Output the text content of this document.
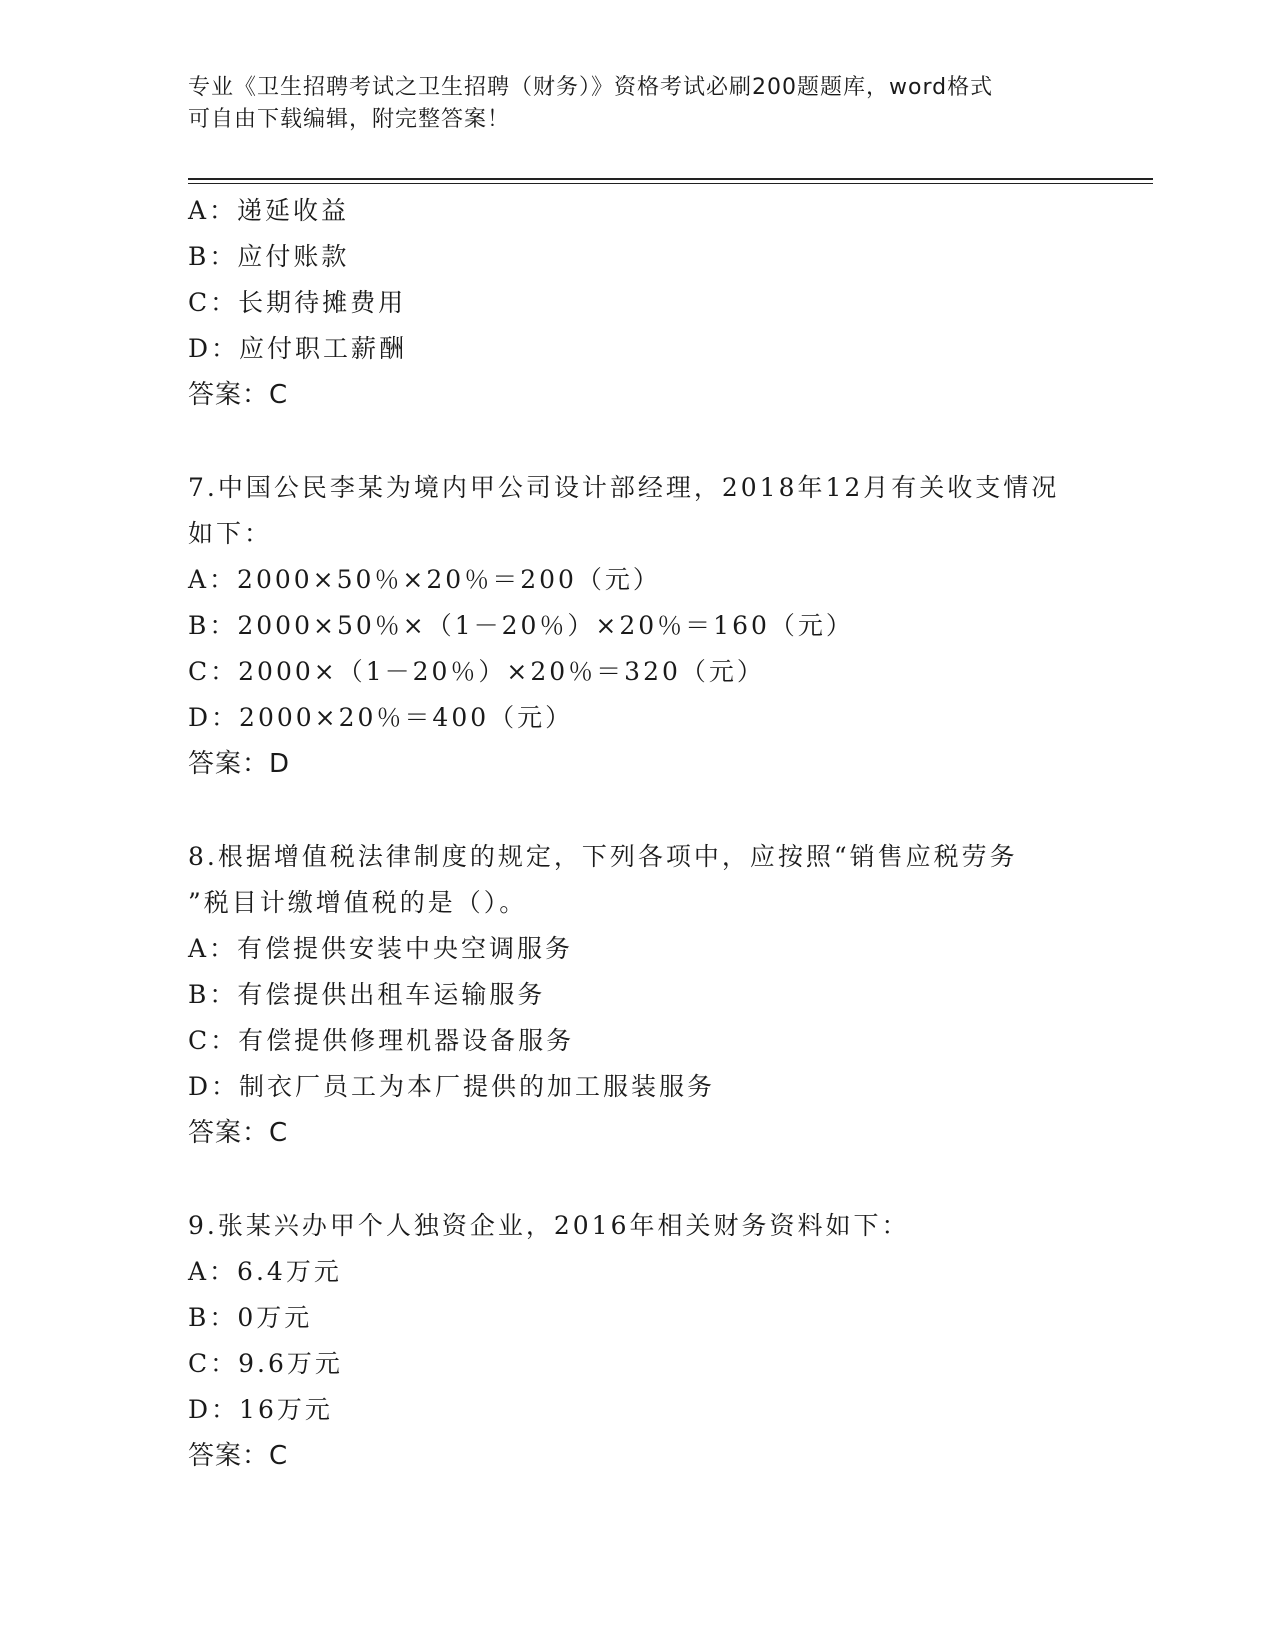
专业《卫生招聘考试之卫生招聘（财务）》资格考试必刷200题题库，word格式
可自由下载编辑，附完整答案！
A：递延收益
B：应付账款
C：长期待摊费用
D：应付职工薪酬
答案：C
7.中国公民李某为境内甲公司设计部经理，2018年12月有关收支情况
如下：
A：2000×50％×20％＝200（元）
B：2000×50％×（1－20％）×20％＝160（元）
C：2000×（1－20％）×20％＝320（元）
D：2000×20％＝400（元）
答案：D
8.根据增值税法律制度的规定，下列各项中，应按照“销售应税劳务
”税目计缴增值税的是（）。
A：有偿提供安装中央空调服务
B：有偿提供出租车运输服务
C：有偿提供修理机器设备服务
D：制衣厂员工为本厂提供的加工服装服务
答案：C
9.张某兴办甲个人独资企业，2016年相关财务资料如下：
A：6.4万元
B：0万元
C：9.6万元
D：16万元
答案：C
